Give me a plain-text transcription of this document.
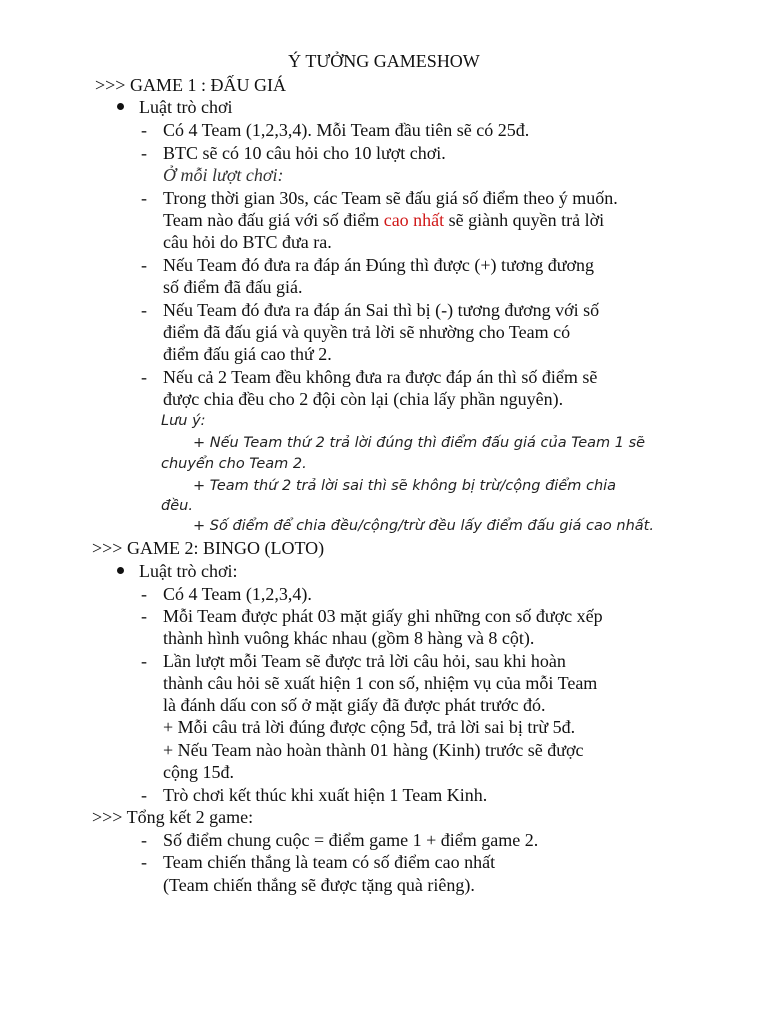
Ý TƯỞNG GAMESHOW
>>> GAME 1 : ĐẤU GIÁ
Luật trò chơi
- Có 4 Team (1,2,3,4). Mỗi Team đầu tiên sẽ có 25đ.
- BTC sẽ có 10 câu hỏi cho 10 lượt chơi.
Ở mỗi lượt chơi:
- Trong thời gian 30s, các Team sẽ đấu giá số điểm theo ý muốn.
Team nào đấu giá với số điểm cao nhất sẽ giành quyền trả lời
câu hỏi do BTC đưa ra.
- Nếu Team đó đưa ra đáp án Đúng thì được (+) tương đương
số điểm đã đấu giá.
- Nếu Team đó đưa ra đáp án Sai thì bị (-) tương đương với số
điểm đã đấu giá và quyền trả lời sẽ nhường cho Team có
điểm đấu giá cao thứ 2.
- Nếu cả 2 Team đều không đưa ra được đáp án thì số điểm sẽ
được chia đều cho 2 đội còn lại (chia lấy phần nguyên).
Lưu ý:
+ Nếu Team thứ 2 trả lời đúng thì điểm đấu giá của Team 1 sẽ
chuyển cho Team 2.
+ Team thứ 2 trả lời sai thì sẽ không bị trừ/cộng điểm chia
đều.
+ Số điểm để chia đều/cộng/trừ đều lấy điểm đấu giá cao nhất.
>>> GAME 2: BINGO (LOTO)
Luật trò chơi:
- Có 4 Team (1,2,3,4).
- Mỗi Team được phát 03 mặt giấy ghi những con số được xếp
thành hình vuông khác nhau (gồm 8 hàng và 8 cột).
- Lần lượt mỗi Team sẽ được trả lời câu hỏi, sau khi hoàn
thành câu hỏi sẽ xuất hiện 1 con số, nhiệm vụ của mỗi Team
là đánh dấu con số ở mặt giấy đã được phát trước đó.
+ Mỗi câu trả lời đúng được cộng 5đ, trả lời sai bị trừ 5đ.
+ Nếu Team nào hoàn thành 01 hàng (Kinh) trước sẽ được
cộng 15đ.
- Trò chơi kết thúc khi xuất hiện 1 Team Kinh.
>>> Tổng kết 2 game:
- Số điểm chung cuộc = điểm game 1 + điểm game 2.
- Team chiến thắng là team có số điểm cao nhất
(Team chiến thắng sẽ được tặng quà riêng).
